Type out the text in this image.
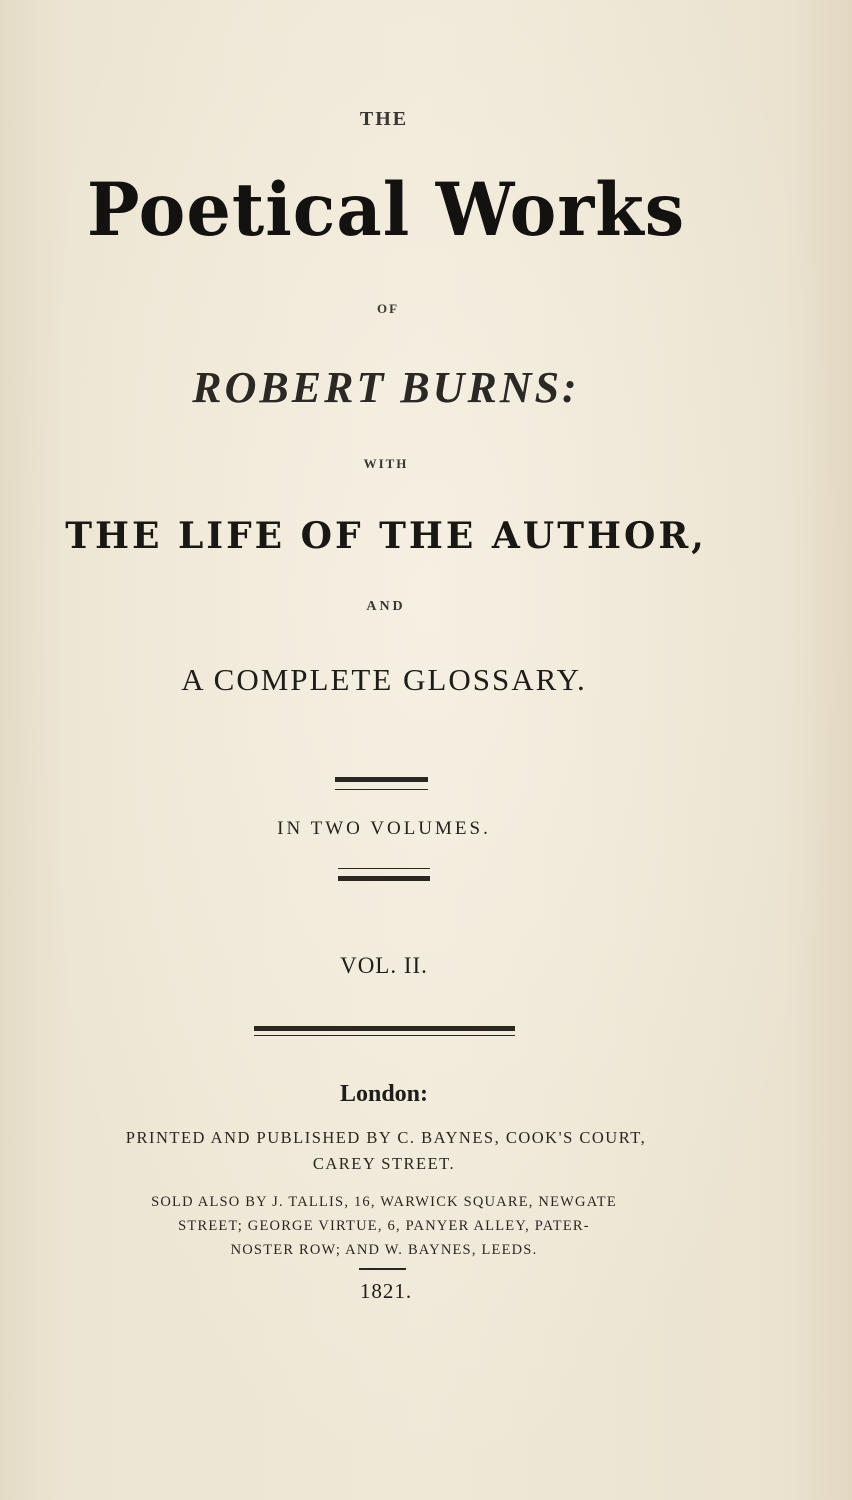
THE
Poetical Works
OF
ROBERT BURNS:
WITH
THE LIFE OF THE AUTHOR,
AND
A COMPLETE GLOSSARY.
IN TWO VOLUMES.
VOL. II.
London:
PRINTED AND PUBLISHED BY C. BAYNES, COOK'S COURT,
CAREY STREET.
SOLD ALSO BY J. TALLIS, 16, WARWICK SQUARE, NEWGATE
STREET; GEORGE VIRTUE, 6, PANYER ALLEY, PATER-
NOSTER ROW; AND W. BAYNES, LEEDS.
1821.
